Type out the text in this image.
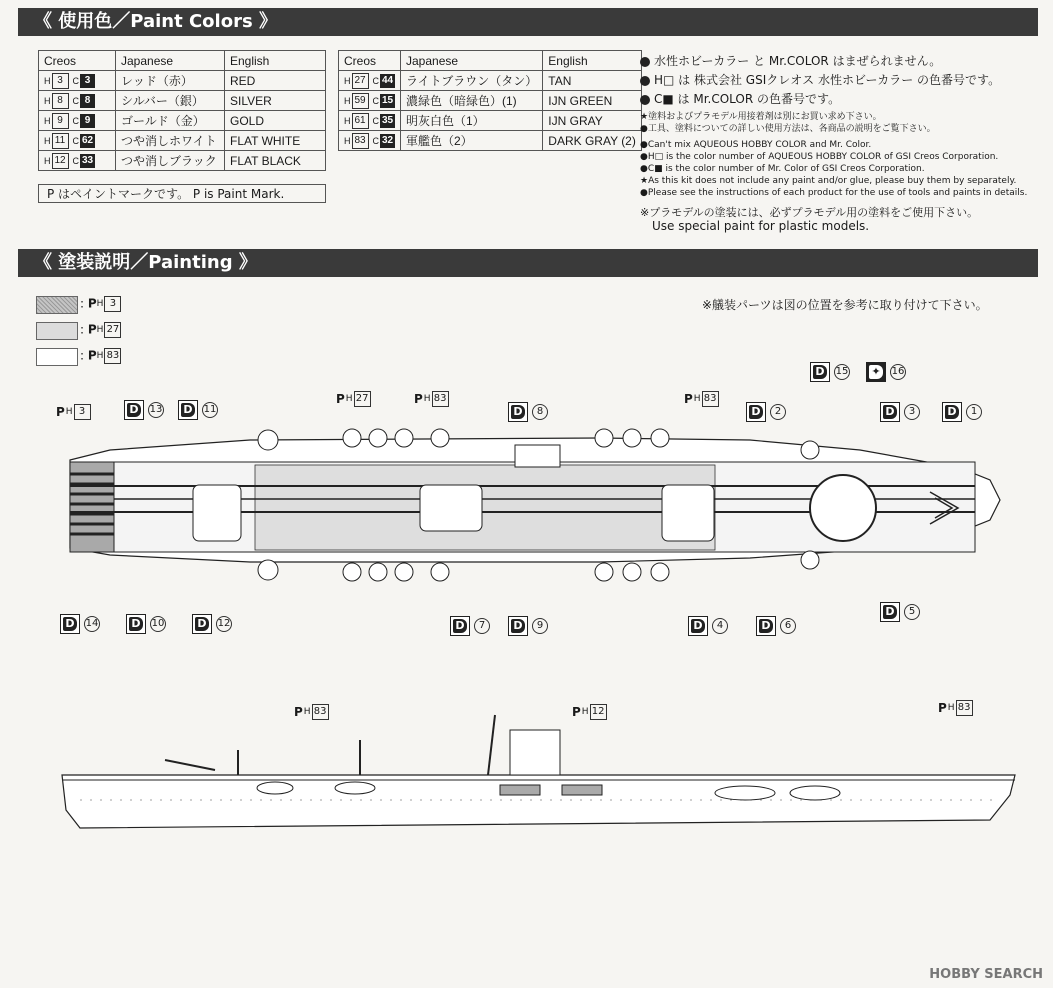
《 使用色／Paint Colors 》
Creos	Japanese	English
H 3 C 3	レッド（赤）	RED
H 8 C 8	シルバー（銀）	SILVER
H 9 C 9	ゴールド（金）	GOLD
H 11 C 62	つや消しホワイト	FLAT WHITE
H 12 C 33	つや消しブラック	FLAT BLACK
Creos	Japanese	English
H 27 C 44	ライトブラウン（タン）	TAN
H 59 C 15	濃緑色（暗緑色）(1)	IJN GREEN
H 61 C 35	明灰白色（1）	IJN GRAY
H 83 C 32	軍艦色（2）	DARK GRAY (2)
P はペイントマークです。 P is Paint Mark.
水性ホビーカラー と Mr.COLOR はまぜられません。
H□ は 株式会社 GSIクレオス 水性ホビーカラー の色番号です。
C■ は Mr.COLOR の色番号です。
★塗料およびプラモデル用接着剤は別にお買い求め下さい。
●工具、塗料についての詳しい使用方法は、各商品の説明をご覧下さい。
●Can't mix AQUEOUS HOBBY COLOR and Mr. Color.
●H□ is the color number of AQUEOUS HOBBY COLOR of GSI Creos Corporation.
●C■ is the color number of Mr. Color of GSI Creos Corporation.
★As this kit does not include any paint and/or glue, please buy them by separately.
●Please see the instructions of each product for the use of tools and paints in details.
※プラモデルの塗装には、必ずプラモデル用の塗料をご使用下さい。
Use special paint for plastic models.
《 塗装説明／Painting 》
: PH 3
: PH 27
: PH 83
※艤装パーツは図の位置を参考に取り付けて下さい。
P H 3
P H 27	P H 83	P H 83
D 13 D 11	D	8	D	2
D 15 ✦ 16
D	3	D	1
D 14	D 10	D 12	D	7	D	9	D	4	D	6
D	5
P H 83	P H 12	P H 83
HOBBY SEARCH
